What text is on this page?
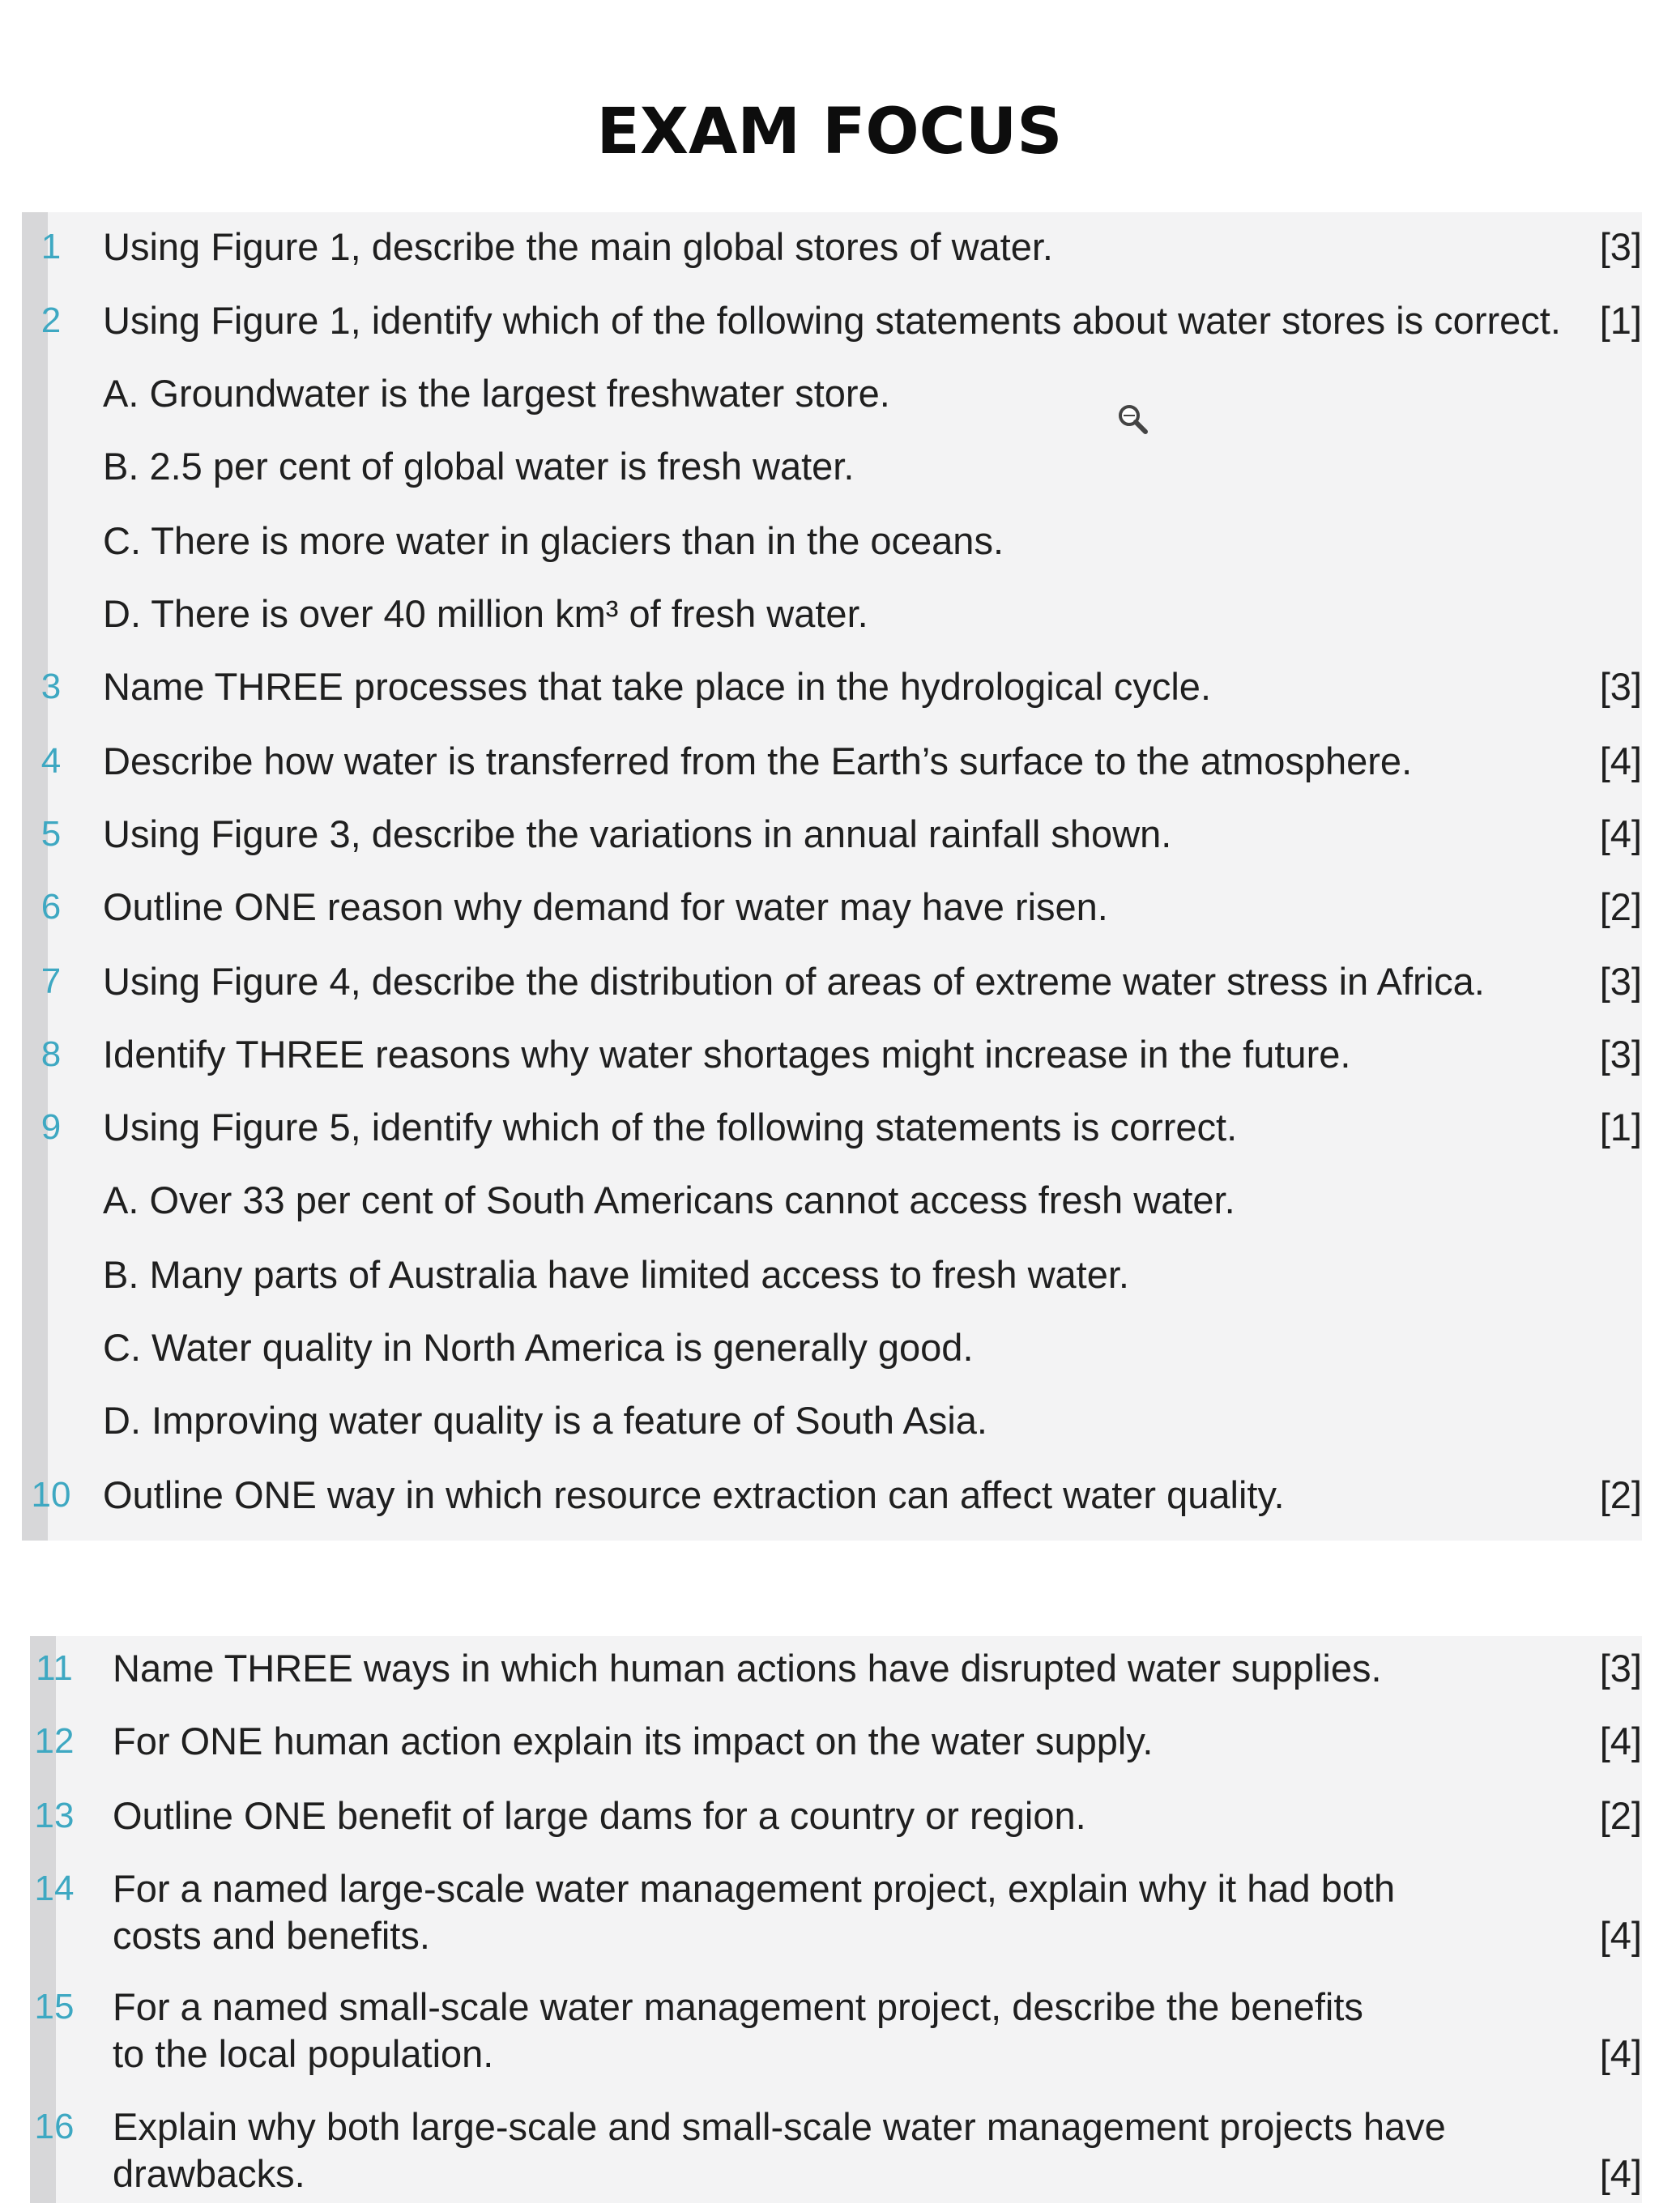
EXAM FOCUS
1	Using Figure 1, describe the main global stores of water.	[3]
2	Using Figure 1, identify which of the following statements about water stores is correct.	[1]
A. Groundwater is the largest freshwater store.
B. 2.5 per cent of global water is fresh water.
C. There is more water in glaciers than in the oceans.
D. There is over 40 million km³ of fresh water.
3	Name THREE processes that take place in the hydrological cycle.	[3]
4	Describe how water is transferred from the Earth’s surface to the atmosphere.	[4]
5	Using Figure 3, describe the variations in annual rainfall shown.	[4]
6	Outline ONE reason why demand for water may have risen.	[2]
7	Using Figure 4, describe the distribution of areas of extreme water stress in Africa.	[3]
8	Identify THREE reasons why water shortages might increase in the future.	[3]
9	Using Figure 5, identify which of the following statements is correct.	[1]
A. Over 33 per cent of South Americans cannot access fresh water.
B. Many parts of Australia have limited access to fresh water.
C. Water quality in North America is generally good.
D. Improving water quality is a feature of South Asia.
10 Outline ONE way in which resource extraction can affect water quality.	[2]
11 Name THREE ways in which human actions have disrupted water supplies.	[3]
12 For ONE human action explain its impact on the water supply.	[4]
13 Outline ONE benefit of large dams for a country or region.	[2]
14 For a named large-scale water management project, explain why it had both
costs and benefits.	[4]
15 For a named small-scale water management project, describe the benefits
to the local population.	[4]
16 Explain why both large-scale and small-scale water management projects have
drawbacks.	[4]
